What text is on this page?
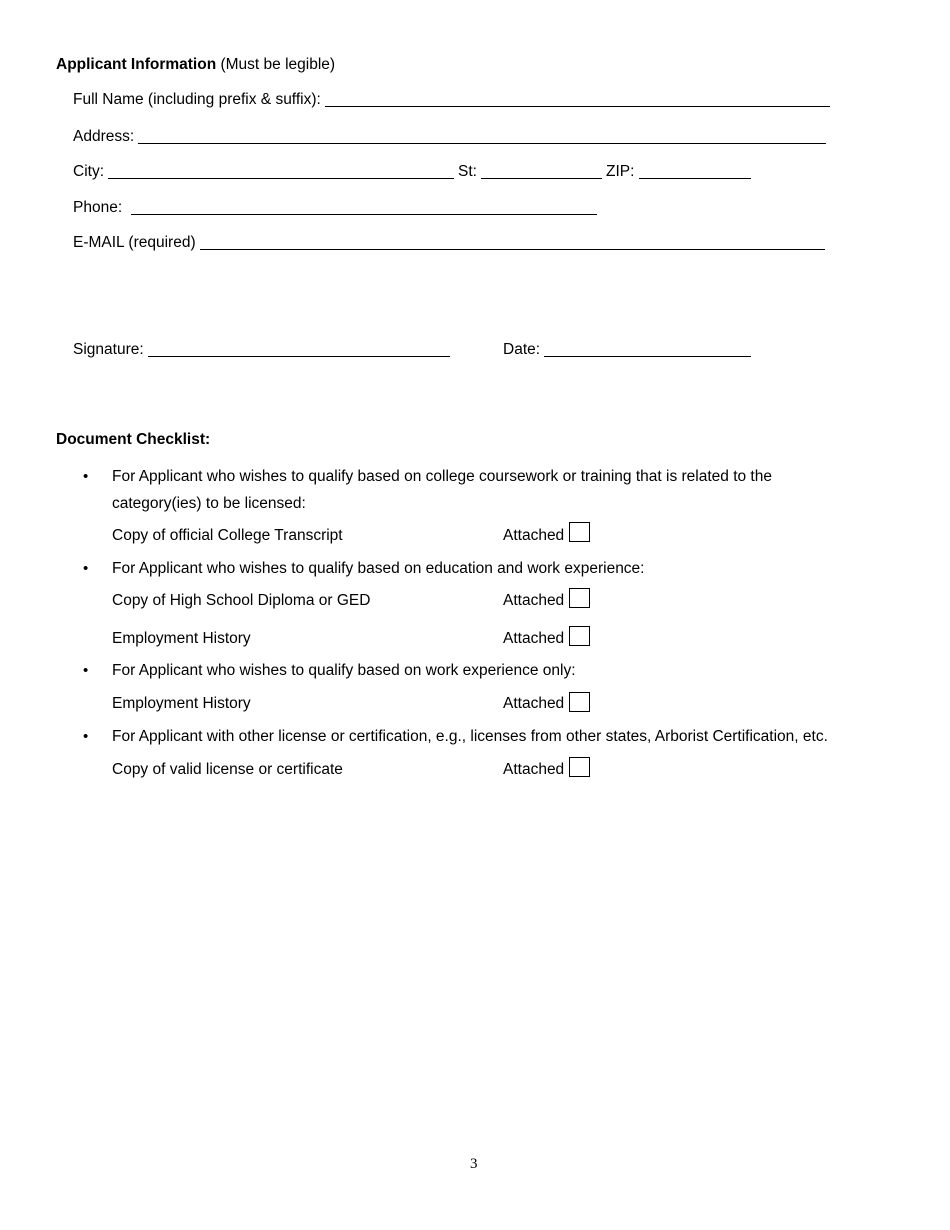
Applicant Information (Must be legible)
Full Name (including prefix & suffix):
Address:
City:	St:	ZIP:
Phone:
E-MAIL (required)
Signature:	Date:
Document Checklist:
• For Applicant who wishes to qualify based on college coursework or training that is related to the
category(ies) to be licensed:
Copy of official College Transcript	Attached
• For Applicant who wishes to qualify based on education and work experience:
Copy of High School Diploma or GED	Attached
Employment History	Attached
• For Applicant who wishes to qualify based on work experience only:
Employment History	Attached
• For Applicant with other license or certification, e.g., licenses from other states, Arborist Certification, etc.
Copy of valid license or certificate	Attached
3
